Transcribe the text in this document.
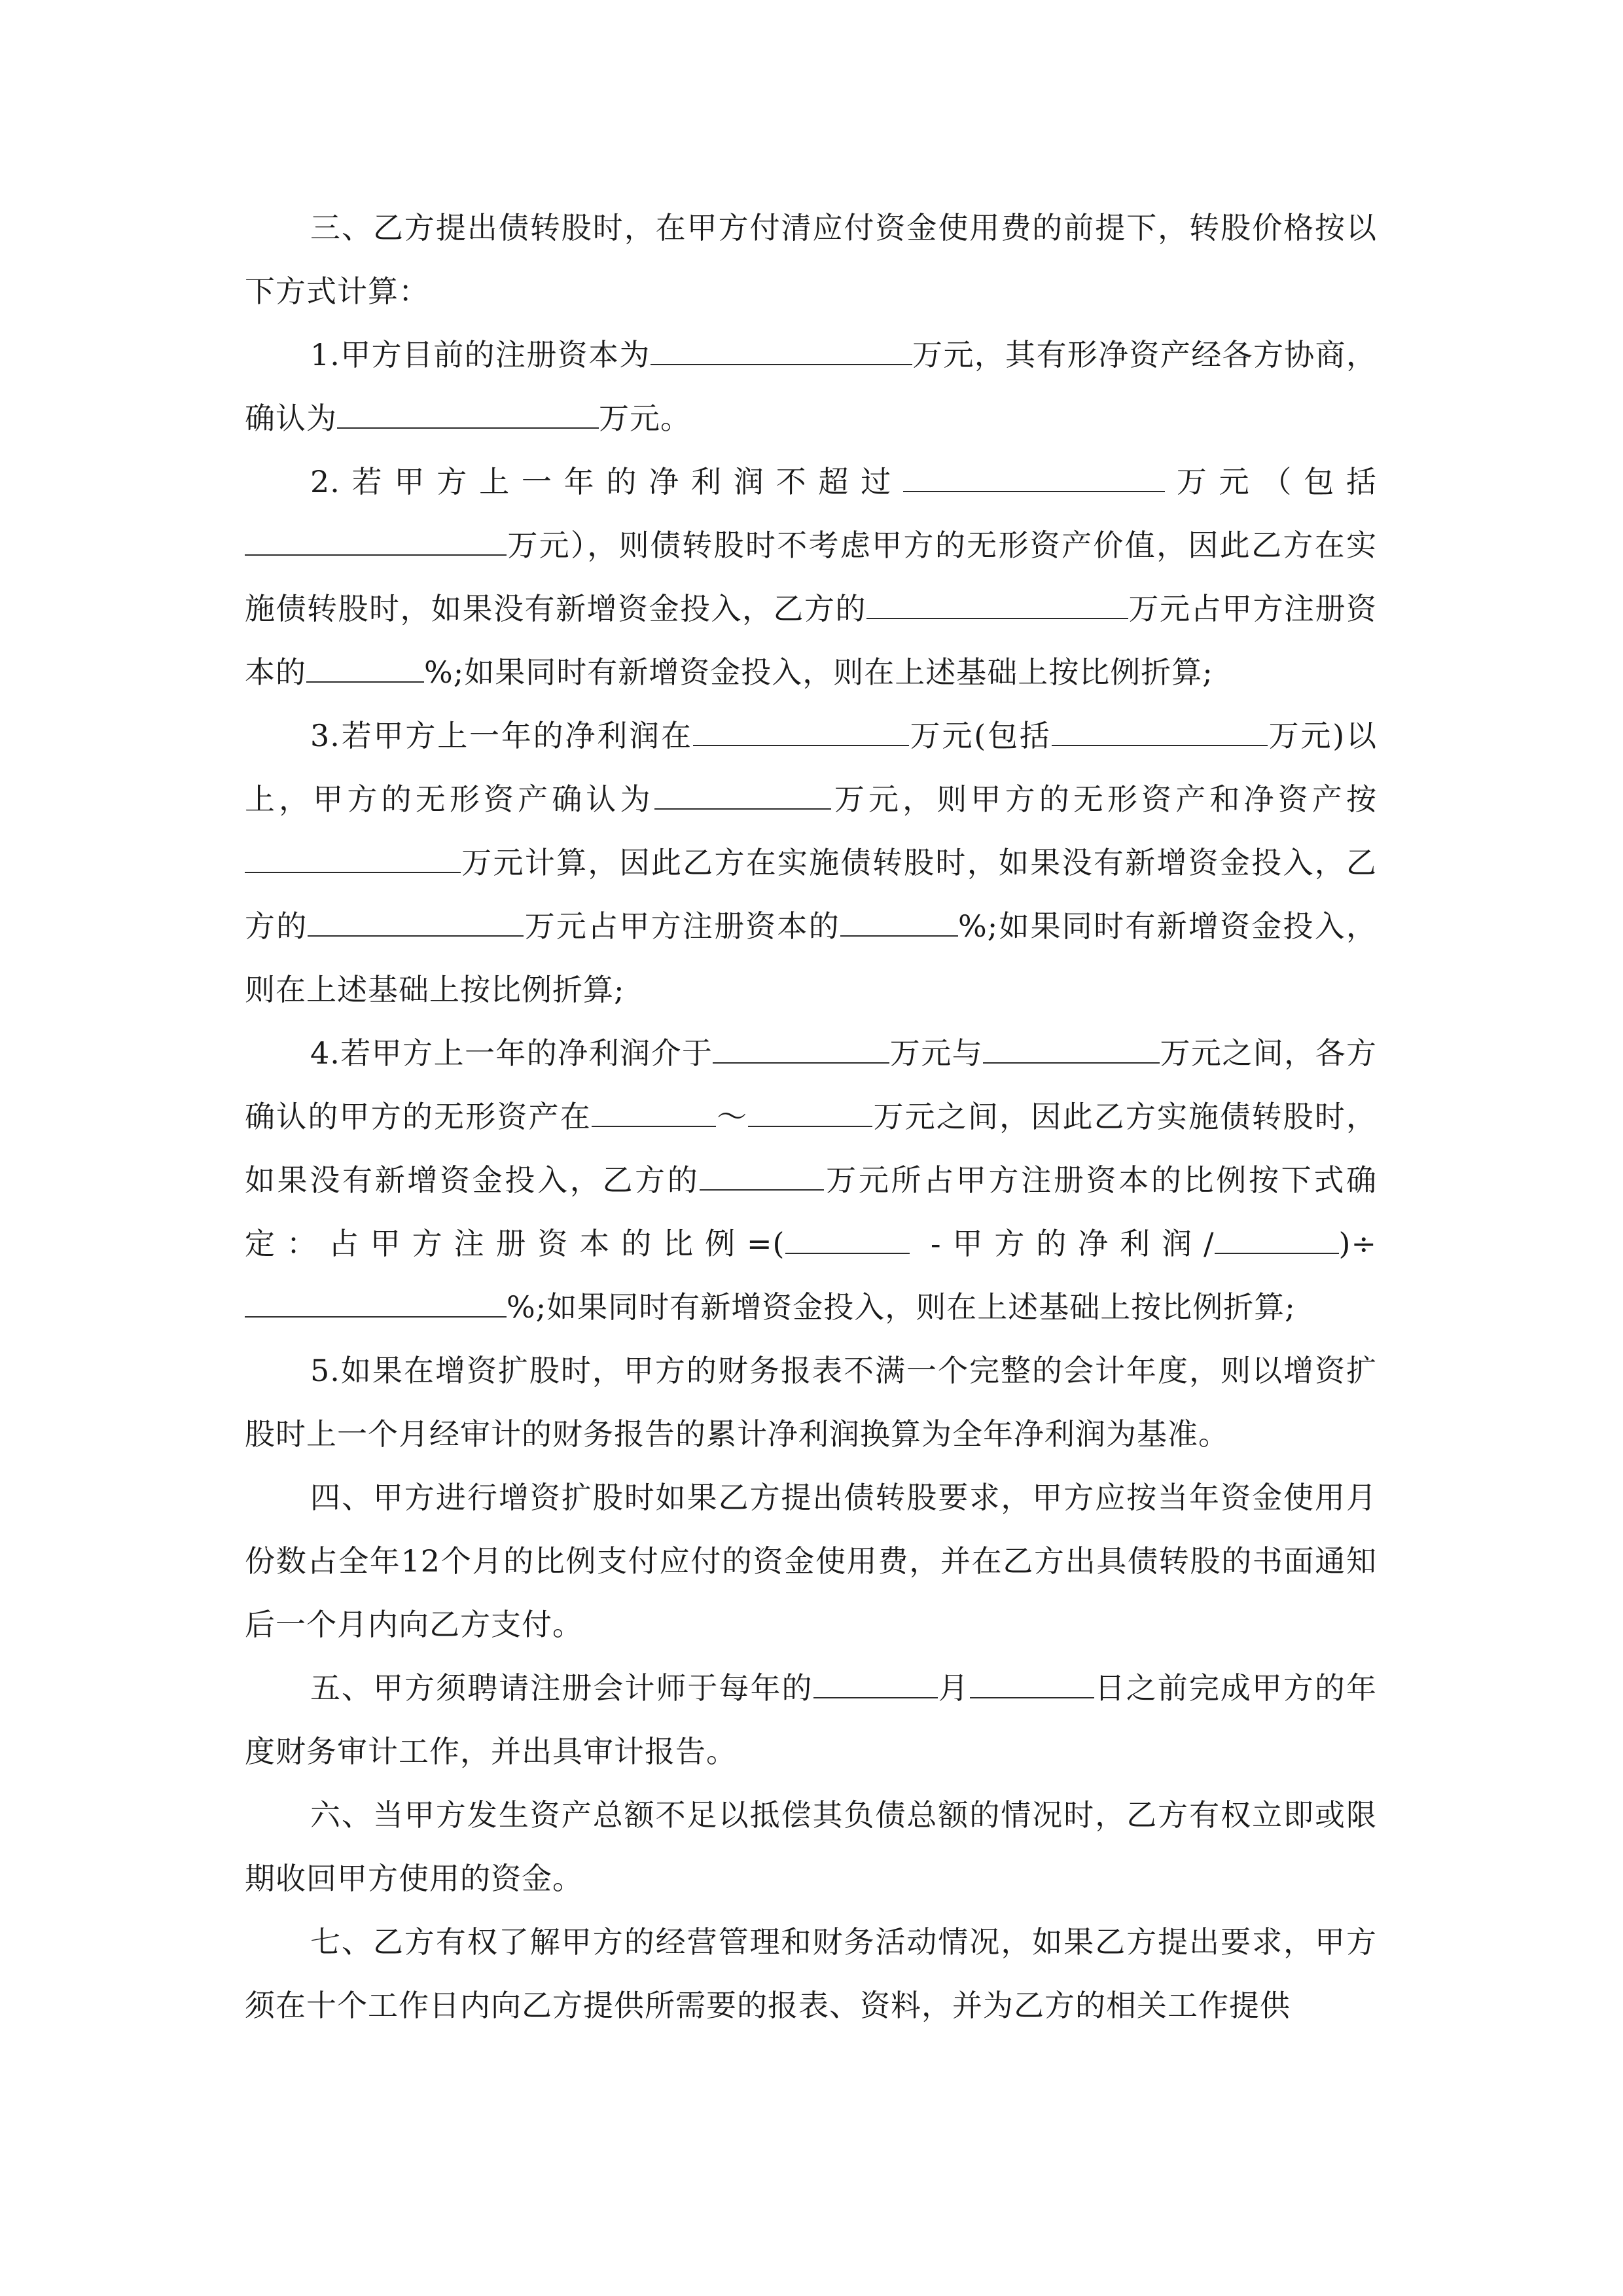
三、乙方提出债转股时，在甲方付清应付资金使用费的前提下，转股价格按以下方式计算：

1.甲方目前的注册资本为	万元，其有形净资产经各方协商，确认为	万元。

2.若甲方上一年的净利润不超过	万元（包括万元），则债转股时不考虑甲方的无形资产价值，因此乙方在实施债转股时，如果没有新增资金投入，乙方的	万元占甲方注册资本的	%;如果同时有新增资金投入，则在上述基础上按比例折算;

3.若甲方上一年的净利润在	万元(包括	万元)以上，甲方的无形资产确认为	万元，则甲方的无形资产和净资产按万元计算，因此乙方在实施债转股时，如果没有新增资金投入，乙方的	万元占甲方注册资本的	%;如果同时有新增资金投入，则在上述基础上按比例折算;

4.若甲方上一年的净利润介于	万元与	万元之间，各方确认的甲方的无形资产在	～	万元之间，因此乙方实施债转股时，如果没有新增资金投入，乙方的	万元所占甲方注册资本的比例按下式确定：占甲方注册资本的比例=(	-甲方的净利润/	)÷%;如果同时有新增资金投入，则在上述基础上按比例折算;

5.如果在增资扩股时，甲方的财务报表不满一个完整的会计年度，则以增资扩股时上一个月经审计的财务报告的累计净利润换算为全年净利润为基准。

四、甲方进行增资扩股时如果乙方提出债转股要求，甲方应按当年资金使用月份数占全年12个月的比例支付应付的资金使用费，并在乙方出具债转股的书面通知后一个月内向乙方支付。

五、甲方须聘请注册会计师于每年的	月	日之前完成甲方的年度财务审计工作，并出具审计报告。

六、当甲方发生资产总额不足以抵偿其负债总额的情况时，乙方有权立即或限期收回甲方使用的资金。

七、乙方有权了解甲方的经营管理和财务活动情况，如果乙方提出要求，甲方须在十个工作日内向乙方提供所需要的报表、资料，并为乙方的相关工作提供
